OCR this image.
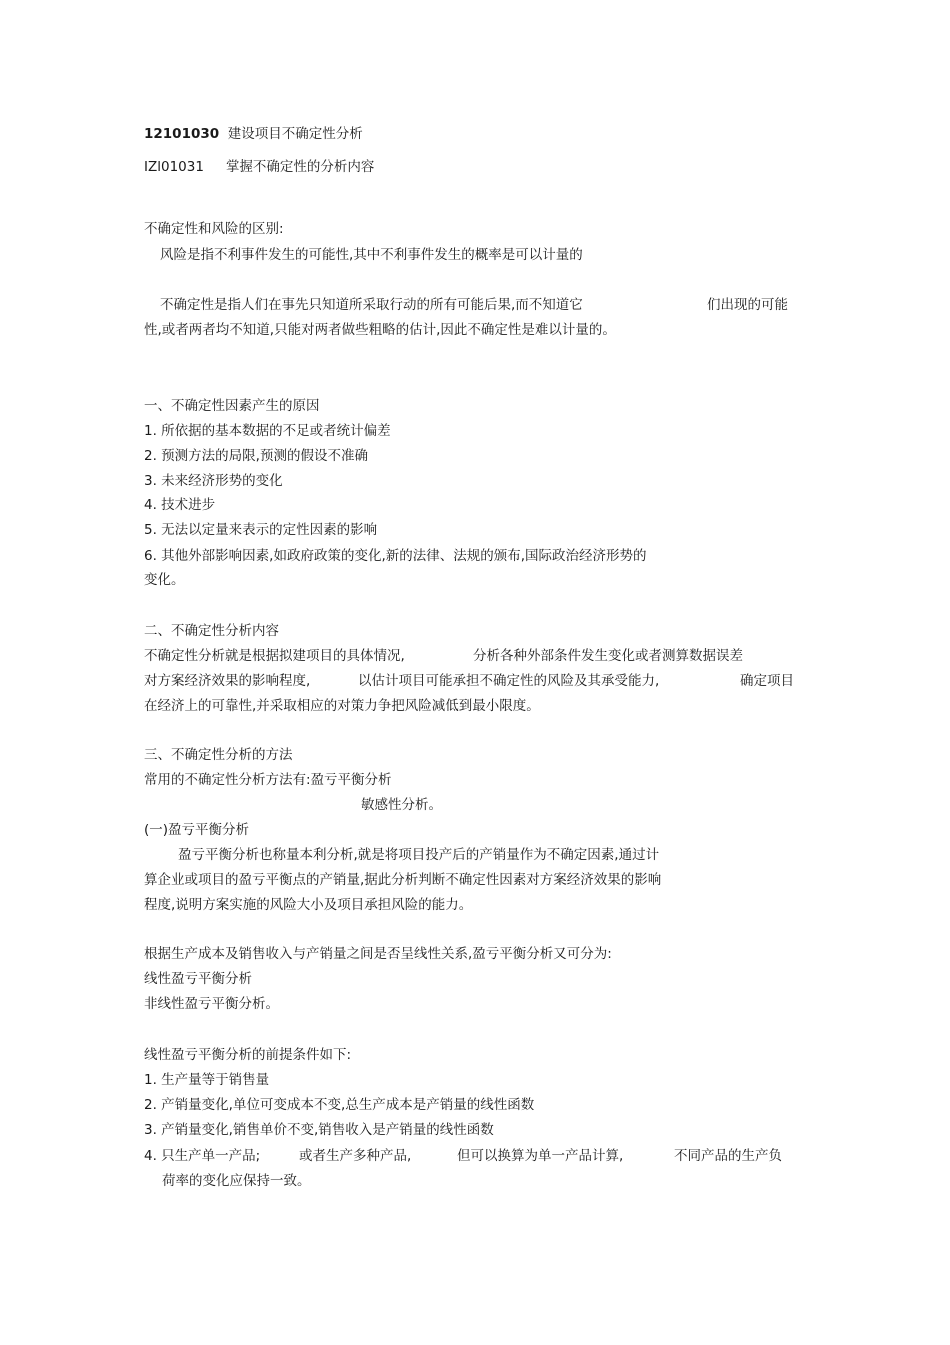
12101030 建设项目不确定性分析
IZl01031 掌握不确定性的分析内容
不确定性和风险的区别:
风险是指不利事件发生的可能性,其中不利事件发生的概率是可以计量的
不确定性是指人们在事先只知道所采取行动的所有可能后果,而不知道它	们出现的可能
性,或者两者均不知道,只能对两者做些粗略的估计,因此不确定性是难以计量的。
一、不确定性因素产生的原因
1. 所依据的基本数据的不足或者统计偏差
2. 预测方法的局限,预测的假设不准确
3. 未来经济形势的变化
4. 技术进步
5. 无法以定量来表示的定性因素的影响
6. 其他外部影响因素,如政府政策的变化,新的法律、法规的颁布,国际政治经济形势的
变化。
二、不确定性分析内容
不确定性分析就是根据拟建项目的具体情况,	分析各种外部条件发生变化或者测算数据误差
对方案经济效果的影响程度,	以估计项目可能承担不确定性的风险及其承受能力,	确定项目
在经济上的可靠性,并采取相应的对策力争把风险减低到最小限度。
三、不确定性分析的方法
常用的不确定性分析方法有:盈亏平衡分析
敏感性分析。
(一)盈亏平衡分析
盈亏平衡分析也称量本利分析,就是将项目投产后的产销量作为不确定因素,通过计
算企业或项目的盈亏平衡点的产销量,据此分析判断不确定性因素对方案经济效果的影响
程度,说明方案实施的风险大小及项目承担风险的能力。
根据生产成本及销售收入与产销量之间是否呈线性关系,盈亏平衡分析又可分为:
线性盈亏平衡分析
非线性盈亏平衡分析。
线性盈亏平衡分析的前提条件如下:
1. 生产量等于销售量
2. 产销量变化,单位可变成本不变,总生产成本是产销量的线性函数
3. 产销量变化,销售单价不变,销售收入是产销量的线性函数
4. 只生产单一产品;	或者生产多种产品,	但可以换算为单一产品计算,	不同产品的生产负
荷率的变化应保持一致。
